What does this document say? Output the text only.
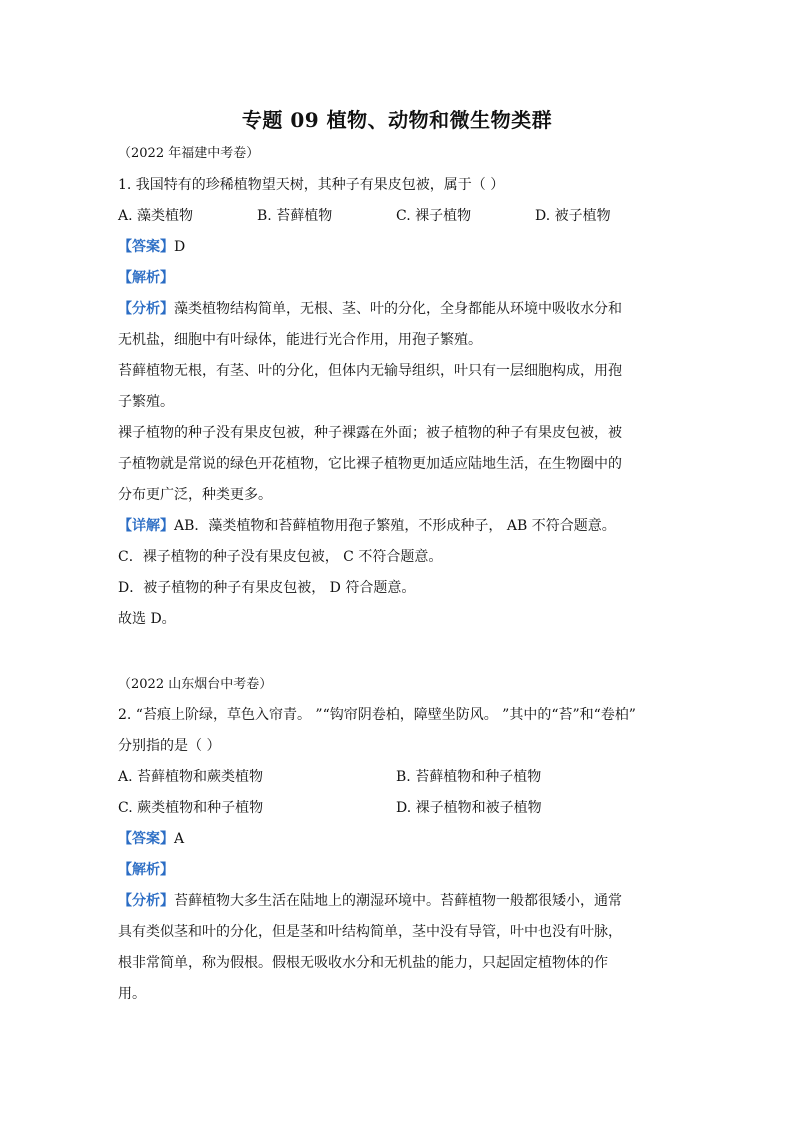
专题 09 植物、动物和微生物类群
（2022 年福建中考卷）
1. 我国特有的珍稀植物望天树，其种子有果皮包被，属于（ ）
A. 藻类植物	B. 苔藓植物	C. 裸子植物	D. 被子植物
【答案】D
【解析】
【分析】藻类植物结构简单，无根、茎、叶的分化，全身都能从环境中吸收水分和
无机盐，细胞中有叶绿体，能进行光合作用，用孢子繁殖。
苔藓植物无根，有茎、叶的分化，但体内无输导组织，叶只有一层细胞构成，用孢
子繁殖。
裸子植物的种子没有果皮包被，种子裸露在外面；被子植物的种子有果皮包被，被
子植物就是常说的绿色开花植物，它比裸子植物更加适应陆地生活，在生物圈中的
分布更广泛，种类更多。
【详解】AB．藻类植物和苔藓植物用孢子繁殖，不形成种子， AB 不符合题意。
C．裸子植物的种子没有果皮包被， C 不符合题意。
D．被子植物的种子有果皮包被， D 符合题意。
故选 D。
（2022 山东烟台中考卷）
2. “苔痕上阶绿，草色入帘青。 ”“钩帘阴卷柏，障壁坐防风。 ”其中的“苔”和“卷柏”
分别指的是（ ）
A. 苔藓植物和蕨类植物	B. 苔藓植物和种子植物
C. 蕨类植物和种子植物	D. 裸子植物和被子植物
【答案】A
【解析】
【分析】苔藓植物大多生活在陆地上的潮湿环境中。苔藓植物一般都很矮小，通常
具有类似茎和叶的分化，但是茎和叶结构简单，茎中没有导管，叶中也没有叶脉，
根非常简单，称为假根。假根无吸收水分和无机盐的能力，只起固定植物体的作
用。
